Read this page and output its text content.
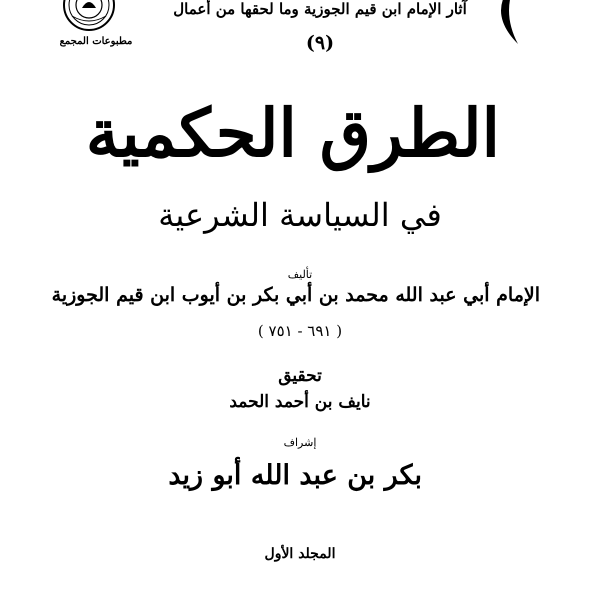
مطبوعات المجمع
آثار الإمام ابن قيم الجوزية وما لحقها من أعمال
(٩)
الطرق الحكمية
في السياسة الشرعية
تأليف
الإمام أبي عبد الله محمد بن أبي بكر بن أيوب ابن قيم الجوزية
( ٦٩١ - ٧٥١ )
تحقيق
نايف بن أحمد الحمد
إشراف
بكر بن عبد الله أبو زيد
المجلد الأول
